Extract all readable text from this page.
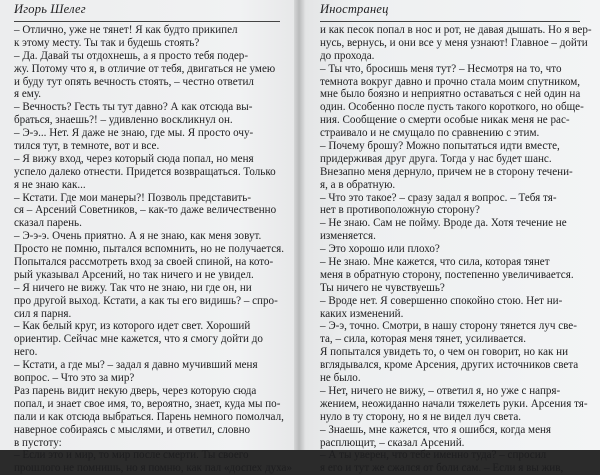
Игорь Шелег
– Отлично, уже не тянет! Я как будто прикипел
к этому месту. Ты так и будешь стоять?
– Да. Давай ты отдохнешь, а я просто тебя подер-
жу. Потому что я, в отличие от тебя, двигаться не умею
и буду тут опять вечность стоять, – честно ответил
я ему.
– Вечность? Гесть ты тут давно? А как отсюда вы-
браться, знаешь?! – удивленно воскликнул он.
– Э-э... Нет. Я даже не знаю, где мы. Я просто очу-
тился тут, в темноте, вот и все.
– Я вижу вход, через который сюда попал, но меня
успело далеко отнести. Придется возвращаться. Только
я не знаю как...
– Кстати. Где мои манеры?! Позволь представить-
ся – Арсений Советников, – как-то даже величественно
сказал парень.
– Э-э-э. Очень приятно. А я не знаю, как меня зовут.
Просто не помню, пытался вспомнить, но не получается.
Попытался рассмотреть вход за своей спиной, на кото-
рый указывал Арсений, но так ничего и не увидел.
– Я ничего не вижу. Так что не знаю, ни где он, ни
про другой выход. Кстати, а как ты его видишь? – спро-
сил я парня.
– Как белый круг, из которого идет свет. Хороший
ориентир. Сейчас мне кажется, что я смогу дойти до
него.
– Кстати, а где мы? – задал я давно мучивший меня
вопрос. – Что это за мир?
Раз парень видит некую дверь, через которую сюда
попал, и знает свое имя, то, вероятно, знает, куда мы по-
пали и как отсюда выбраться. Парень немного помолчал,
наверное собираясь с мыслями, и ответил, словно
в пустоту:
– Если это и мир, то мир после смерти. Ты своего
прошлого не помнишь, но я помню, как пал «доспех духа»
Иностранец
и как песок попал в нос и рот, не давая дышать. Но я вер-
нусь, вернусь, и они все у меня узнают! Главное – дойти
до прохода.
– Ты что, бросишь меня тут? – Несмотря на то, что
темнота вокруг давно и прочно стала моим спутником,
мне было боязно и неприятно оставаться с ней один на
один. Особенно после пусть такого короткого, но обще-
ния. Сообщение о смерти особые никак меня не рас-
страивало и не смущало по сравнению с этим.
– Почему брошу? Можно попытаться идти вместе,
придерживая друг друга. Тогда у нас будет шанс.
Внезапно меня дернуло, причем не в сторону течени-
я, а в обратную.
– Что это такое? – сразу задал я вопрос. – Тебя тя-
нет в противоположную сторону?
– Не знаю. Сам не пойму. Вроде да. Хотя течение не
изменяется.
– Это хорошо или плохо?
– Не знаю. Мне кажется, что сила, которая тянет
меня в обратную сторону, постепенно увеличивается.
Ты ничего не чувствуешь?
– Вроде нет. Я совершенно спокойно стою. Нет ни-
каких изменений.
– Э-э, точно. Смотри, в нашу сторону тянется луч све-
та, – сила, которая меня тянет, усиливается.
Я попытался увидеть то, о чем он говорит, но как ни
вглядывался, кроме Арсения, других источников света
не было.
– Нет, ничего не вижу, – ответил я, но уже с напря-
жением, неожиданно начали тяжелеть руки. Арсения тя-
нуло в ту сторону, но я не видел луч света.
– Знаешь, мне кажется, что я ошибся, когда меня
расплющит, – сказал Арсений.
– А ты уверен, что тебе именно туда? – спросил
я его и тут же сжался от боли сам. – Если я вы жив,
